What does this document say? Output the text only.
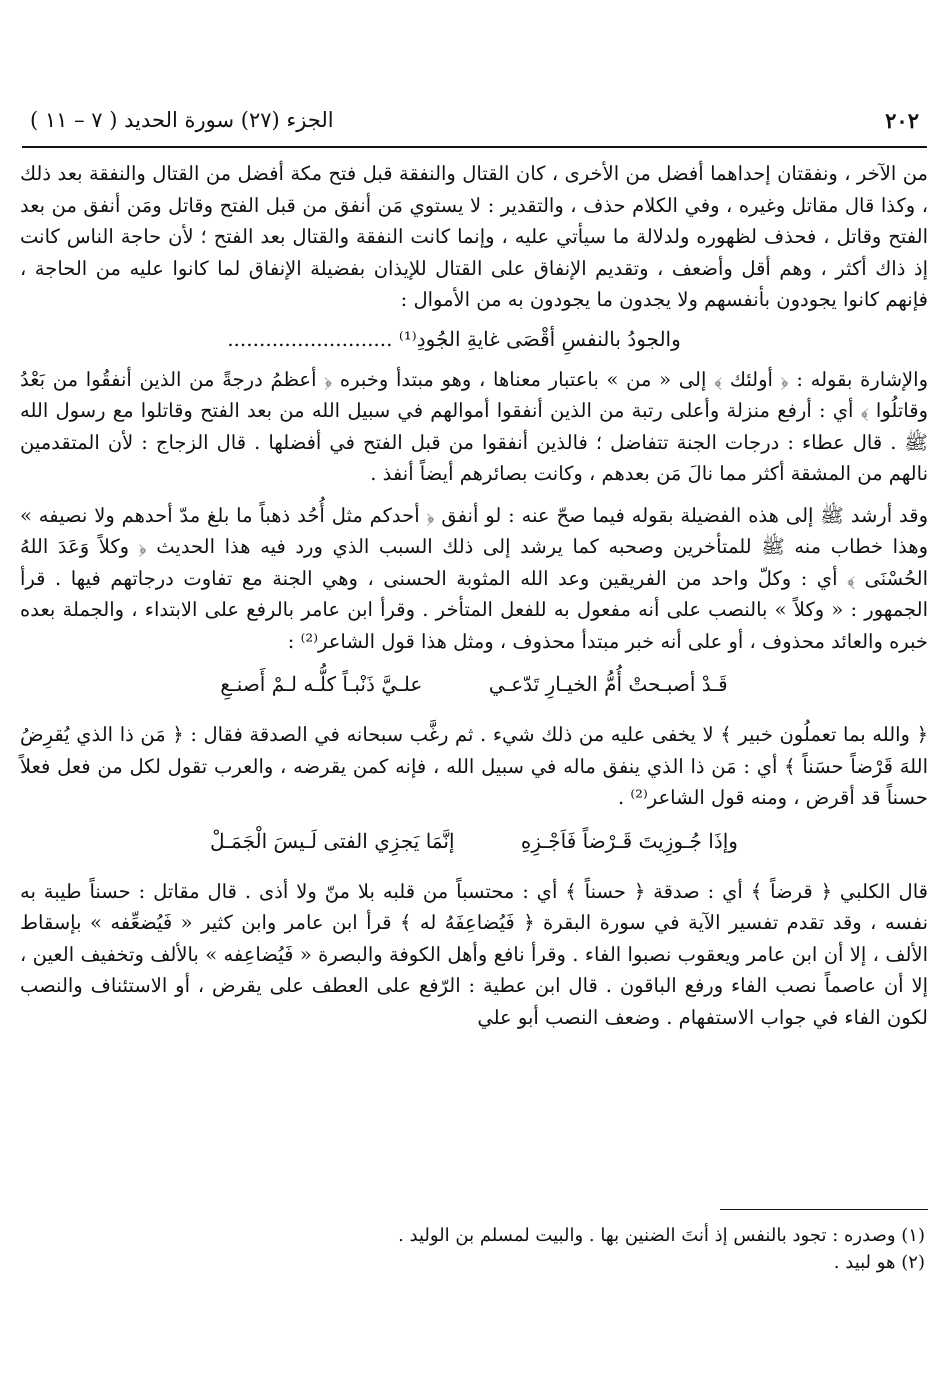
٢٠٢
الجزء (٢٧) سورة الحديد ( ٧ – ١١ )

من الآخر ، ونفقتان إحداهما أفضل من الأخرى ، كان القتال والنفقة قبل فتح مكة أفضل من القتال والنفقة بعد ذلك ، وكذا قال مقاتل وغيره ، وفي الكلام حذف ، والتقدير : لا يستوي مَن أنفق من قبل الفتح وقاتل ومَن أنفق من بعد الفتح وقاتل ، فحذف لظهوره ولدلالة ما سيأتي عليه ، وإنما كانت النفقة والقتال بعد الفتح ؛ لأن حاجة الناس كانت إذ ذاك أكثر ، وهم أقل وأضعف ، وتقديم الإنفاق على القتال للإيذان بفضيلة الإنفاق لما كانوا عليه من الحاجة ، فإنهم كانوا يجودون بأنفسهم ولا يجدون ما يجودون به من الأموال :

والجودُ بالنفسِ أقْصَى غايةِ الجُودِ⁽¹⁾ ..........................

والإشارة بقوله : ﴿ أولئك ﴾ إلى « من » باعتبار معناها ، وهو مبتدأ وخبره ﴿ أعظمُ درجةً من الذين أنفقُوا من بَعْدُ وقاتلُوا ﴾ أي : أرفع منزلة وأعلى رتبة من الذين أنفقوا أموالهم في سبيل الله من بعد الفتح وقاتلوا مع رسول الله ﷺ . قال عطاء : درجات الجنة تتفاضل ؛ فالذين أنفقوا من قبل الفتح في أفضلها . قال الزجاج : لأن المتقدمين نالهم من المشقة أكثر مما نالَ مَن بعدهم ، وكانت بصائرهم أيضاً أنفذ .

وقد أرشد ﷺ إلى هذه الفضيلة بقوله فيما صحّ عنه : لو أنفق ﴿ أحدكم مثل أُحُد ذهباً ما بلغ مدّ أحدهم ولا نصيفه » وهذا خطاب منه ﷺ للمتأخرين وصحبه كما يرشد إلى ذلك السبب الذي ورد فيه هذا الحديث ﴿ وكلاً وَعَدَ اللهُ الحُسْنَى ﴾ أي : وكلّ واحد من الفريقين وعد الله المثوبة الحسنى ، وهي الجنة مع تفاوت درجاتهم فيها . قرأ الجمهور : « وكلاً » بالنصب على أنه مفعول به للفعل المتأخر . وقرأ ابن عامر بالرفع على الابتداء ، والجملة بعده خبره والعائد محذوف ، أو على أنه خبر مبتدأ محذوف ، ومثل هذا قول الشاعر⁽²⁾ :

قَـدْ أصبـحتْ أُمُّ الخيـارِ تَدّعـي علـيَّ ذَنْبـاً كلُّـه لـمْ أَصنـعِ

﴿ والله بما تعملُون خبير ﴾ لا يخفى عليه من ذلك شيء . ثم رغَّب سبحانه في الصدقة فقال : ﴿ مَن ذا الذي يُقرِضُ اللهَ قَرْضاً حسَناً ﴾ أي : مَن ذا الذي ينفق ماله في سبيل الله ، فإنه كمن يقرضه ، والعرب تقول لكل من فعل فعلاً حسناً قد أقرض ، ومنه قول الشاعر⁽²⁾ .

وإذَا جُـوزِيتَ قَـرْضاً فَاَجْـزِهِ إنَّمَا يَجزِي الفتى لَـيسَ الْجَمَـلْ

قال الكلبي ﴿ قرضاً ﴾ أي : صدقة ﴿ حسناً ﴾ أي : محتسباً من قلبه بلا منّ ولا أذى . قال مقاتل : حسناً طيبة به نفسه ، وقد تقدم تفسير الآية في سورة البقرة ﴿ فَيُضاعِفَهُ له ﴾ قرأ ابن عامر وابن كثير « فَيُضعِّفه » بإسقاط الألف ، إلا أن ابن عامر ويعقوب نصبوا الفاء . وقرأ نافع وأهل الكوفة والبصرة « فَيُضاعِفه » بالألف وتخفيف العين ، إلا أن عاصماً نصب الفاء ورفع الباقون . قال ابن عطية : الرّفع على العطف على يقرض ، أو الاستئناف والنصب لكون الفاء في جواب الاستفهام . وضعف النصب أبو علي

(١) وصدره : تجود بالنفس إذ أنتَ الضنين بها . والبيت لمسلم بن الوليد .
(٢) هو لبيد .
